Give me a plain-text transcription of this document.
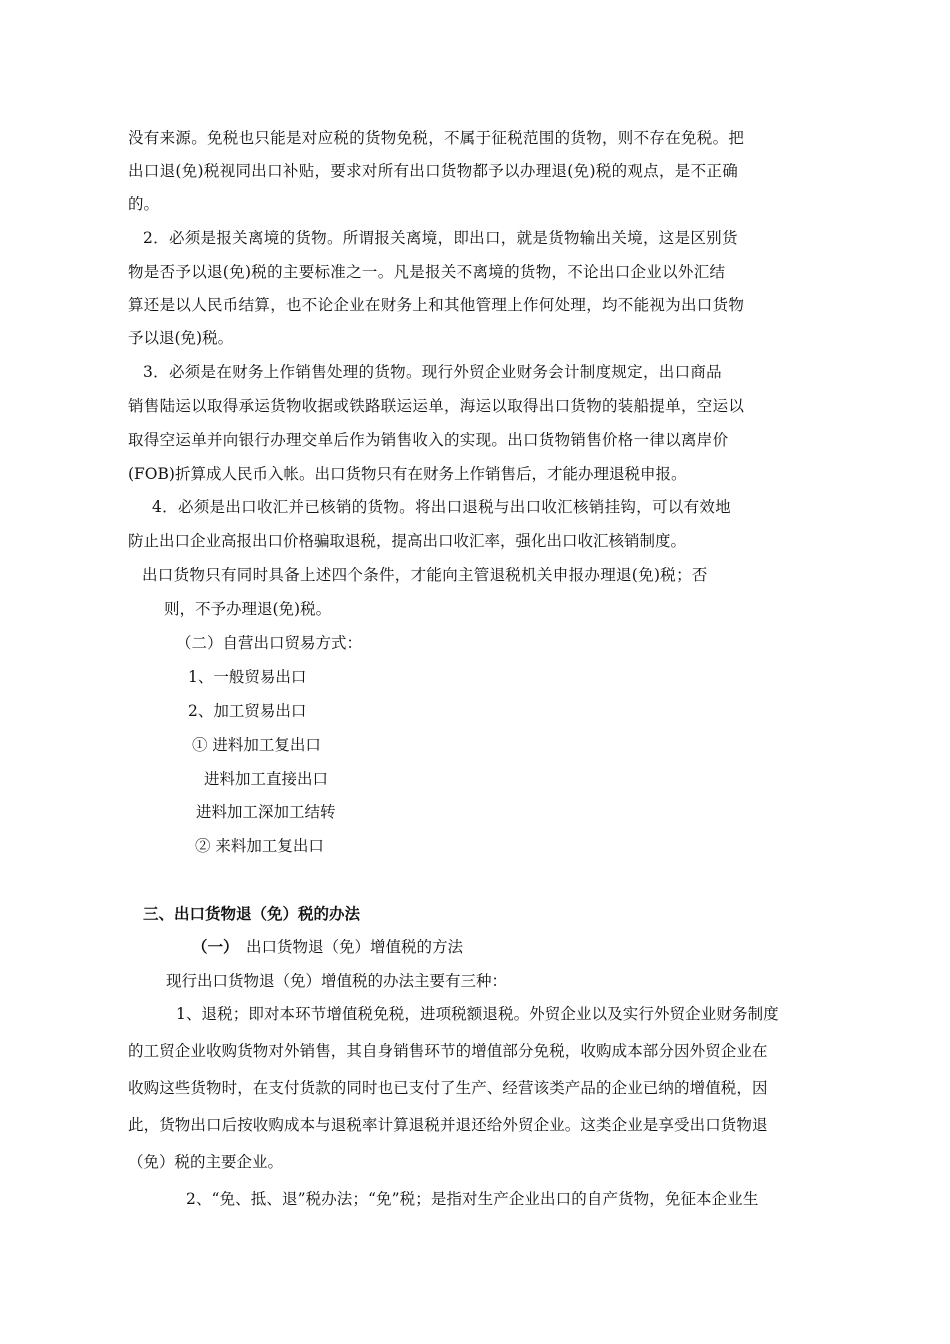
没有来源。免税也只能是对应税的货物免税，不属于征税范围的货物，则不存在免税。把
出口退(免)税视同出口补贴，要求对所有出口货物都予以办理退(免)税的观点，是不正确
的。
2．必须是报关离境的货物。所谓报关离境，即出口，就是货物输出关境，这是区别货
物是否予以退(免)税的主要标准之一。凡是报关不离境的货物，不论出口企业以外汇结
算还是以人民币结算，也不论企业在财务上和其他管理上作何处理，均不能视为出口货物
予以退(免)税。
3．必须是在财务上作销售处理的货物。现行外贸企业财务会计制度规定，出口商品
销售陆运以取得承运货物收据或铁路联运运单，海运以取得出口货物的装船提单，空运以
取得空运单并向银行办理交单后作为销售收入的实现。出口货物销售价格一律以离岸价
(FOB)折算成人民币入帐。出口货物只有在财务上作销售后，才能办理退税申报。
4．必须是出口收汇并已核销的货物。将出口退税与出口收汇核销挂钩，可以有效地
防止出口企业高报出口价格骗取退税，提高出口收汇率，强化出口收汇核销制度。
出口货物只有同时具备上述四个条件，才能向主管退税机关申报办理退(免)税；否
则，不予办理退(免)税。
（二）自营出口贸易方式：
1、一般贸易出口
2、加工贸易出口
① 进料加工复出口
进料加工直接出口
进料加工深加工结转
② 来料加工复出口
三、出口货物退（免）税的办法
（一） 出口货物退（免）增值税的方法
现行出口货物退（免）增值税的办法主要有三种：
1、退税；即对本环节增值税免税，进项税额退税。外贸企业以及实行外贸企业财务制度
的工贸企业收购货物对外销售，其自身销售环节的增值部分免税，收购成本部分因外贸企业在
收购这些货物时，在支付货款的同时也已支付了生产、经营该类产品的企业已纳的增值税，因
此，货物出口后按收购成本与退税率计算退税并退还给外贸企业。这类企业是享受出口货物退
（免）税的主要企业。
2、“免、抵、退”税办法；“免”税；是指对生产企业出口的自产货物，免征本企业生
